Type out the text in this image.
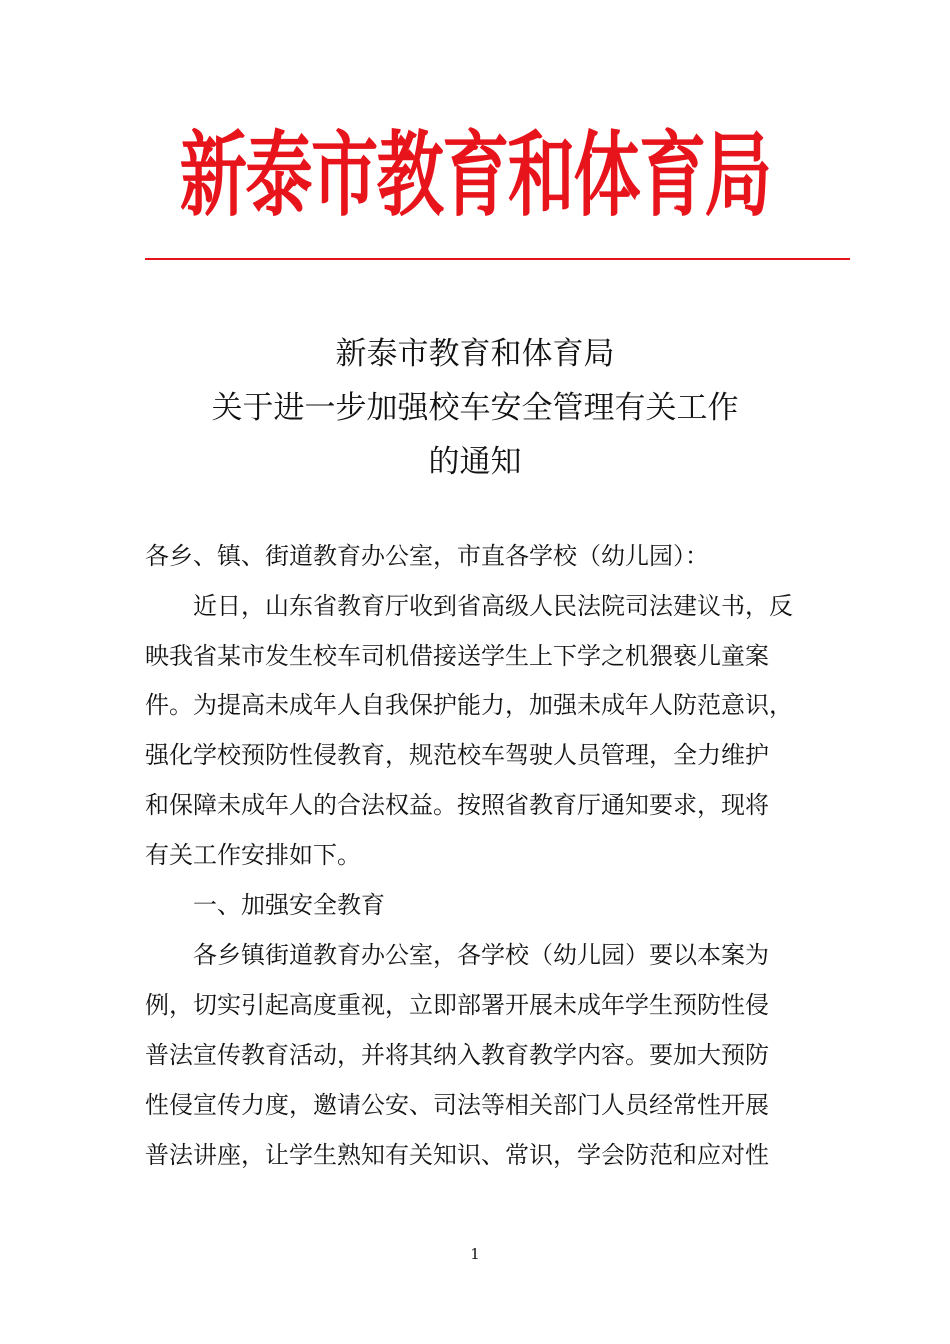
新泰市教育和体育局
新泰市教育和体育局
关于进一步加强校车安全管理有关工作
的通知
各乡、镇、街道教育办公室，市直各学校（幼儿园）：
近日，山东省教育厅收到省高级人民法院司法建议书，反
映我省某市发生校车司机借接送学生上下学之机猥亵儿童案
件。为提高未成年人自我保护能力，加强未成年人防范意识，
强化学校预防性侵教育，规范校车驾驶人员管理，全力维护
和保障未成年人的合法权益。按照省教育厅通知要求，现将
有关工作安排如下。
一、加强安全教育
各乡镇街道教育办公室，各学校（幼儿园）要以本案为
例，切实引起高度重视，立即部署开展未成年学生预防性侵
普法宣传教育活动，并将其纳入教育教学内容。要加大预防
性侵宣传力度，邀请公安、司法等相关部门人员经常性开展
普法讲座，让学生熟知有关知识、常识，学会防范和应对性
1
